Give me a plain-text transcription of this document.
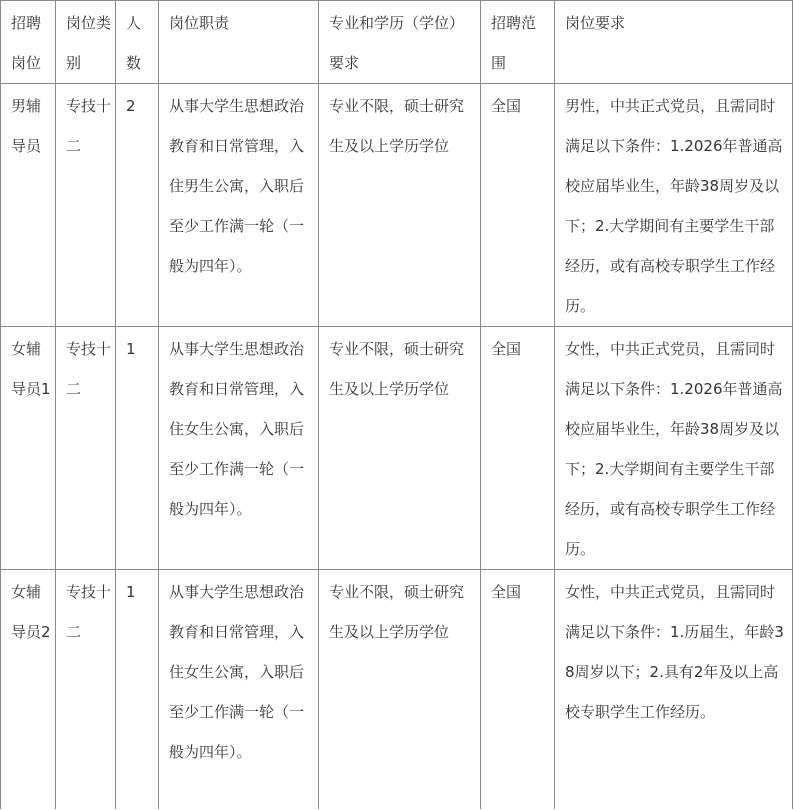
招聘岗位	岗位类别	人数	岗位职责	专业和学历（学位）要求	招聘范围	岗位要求
男辅导员	专技十二	2	从事大学生思想政治教育和日常管理，入住男生公寓，入职后至少工作满一轮（一般为四年）。	专业不限，硕士研究生及以上学历学位	全国	男性，中共正式党员，且需同时满足以下条件：1.2026年普通高校应届毕业生，年龄38周岁及以下；2.大学期间有主要学生干部经历，或有高校专职学生工作经历。
女辅导员1	专技十二	1	从事大学生思想政治教育和日常管理，入住女生公寓，入职后至少工作满一轮（一般为四年）。	专业不限，硕士研究生及以上学历学位	全国	女性，中共正式党员，且需同时满足以下条件：1.2026年普通高校应届毕业生，年龄38周岁及以下；2.大学期间有主要学生干部经历，或有高校专职学生工作经历。
女辅导员2	专技十二	1	从事大学生思想政治教育和日常管理，入住女生公寓，入职后至少工作满一轮（一般为四年）。	专业不限，硕士研究生及以上学历学位	全国	女性，中共正式党员，且需同时满足以下条件：1.历届生，年龄38周岁以下；2.具有2年及以上高校专职学生工作经历。
